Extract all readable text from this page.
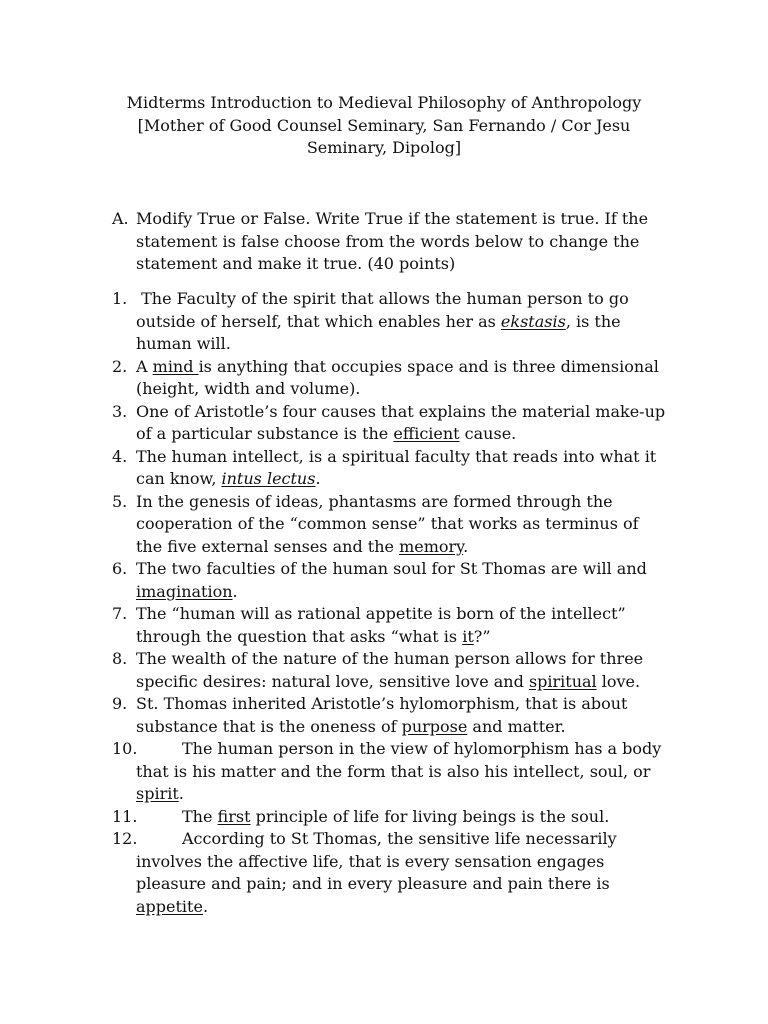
Midterms Introduction to Medieval Philosophy of Anthropology
[Mother of Good Counsel Seminary, San Fernando / Cor Jesu
Seminary, Dipolog]
A. Modify True or False. Write True if the statement is true. If the
statement is false choose from the words below to change the
statement and make it true. (40 points)
1. The Faculty of the spirit that allows the human person to go
outside of herself, that which enables her as ekstasis, is the
human will.
2. A mind is anything that occupies space and is three dimensional
(height, width and volume).
3. One of Aristotle’s four causes that explains the material make-up
of a particular substance is the efficient cause.
4. The human intellect, is a spiritual faculty that reads into what it
can know, intus lectus.
5. In the genesis of ideas, phantasms are formed through the
cooperation of the “common sense” that works as terminus of
the five external senses and the memory.
6. The two faculties of the human soul for St Thomas are will and
imagination.
7. The “human will as rational appetite is born of the intellect”
through the question that asks “what is it?”
8. The wealth of the nature of the human person allows for three
specific desires: natural love, sensitive love and spiritual love.
9. St. Thomas inherited Aristotle’s hylomorphism, that is about
substance that is the oneness of purpose and matter.
10.	The human person in the view of hylomorphism has a body
that is his matter and the form that is also his intellect, soul, or
spirit.
11.	The first principle of life for living beings is the soul.
12.	According to St Thomas, the sensitive life necessarily
involves the affective life, that is every sensation engages
pleasure and pain; and in every pleasure and pain there is
appetite.
